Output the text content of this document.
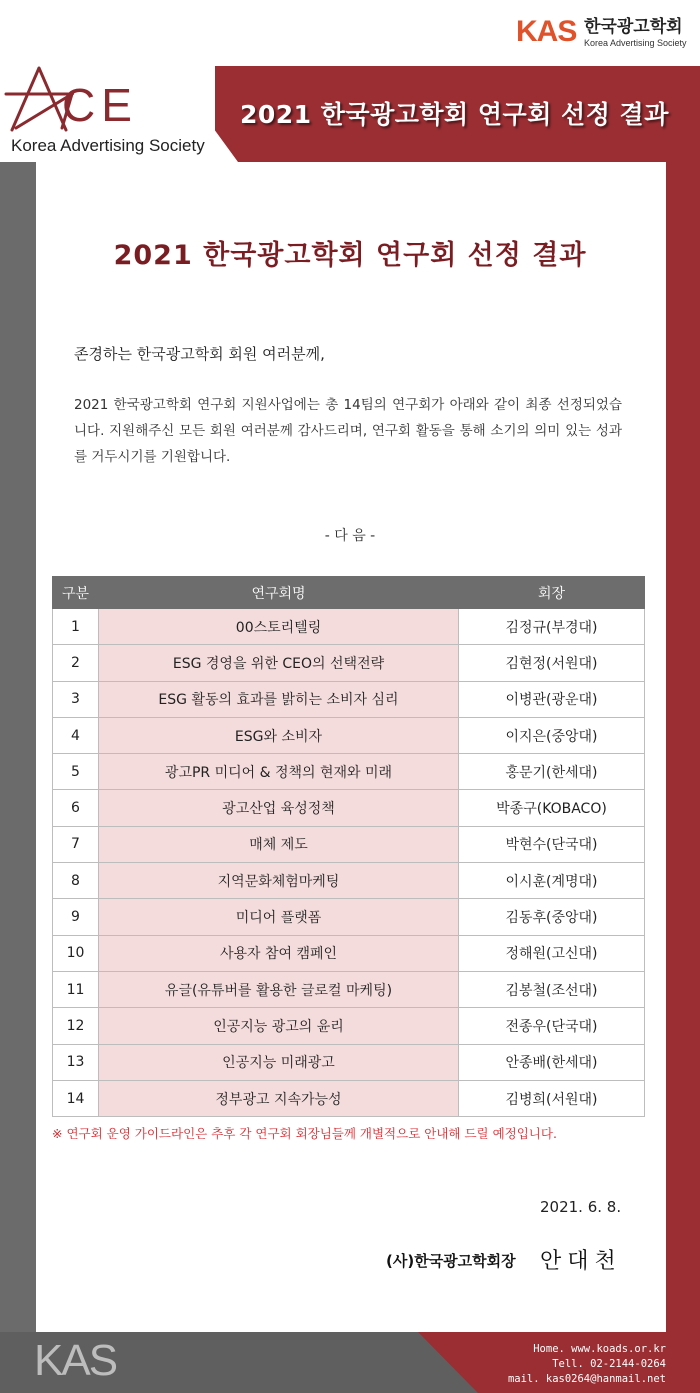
KAS 한국광고학회
Korea Advertising Society
2021 한국광고학회 연구회 선정 결과
CE
Korea Advertising Society
2021 한국광고학회 연구회 선정 결과
존경하는 한국광고학회 회원 여러분께,
2021 한국광고학회 연구회 지원사업에는 총 14팀의 연구회가 아래와 같이 최종 선정되었습니다. 지원해주신 모든 회원 여러분께 감사드리며, 연구회 활동을 통해 소기의 의미 있는 성과를 거두시기를 기원합니다.
- 다 음 -
구분	연구회명	회장
1	00스토리텔링	김정규(부경대)
2	ESG 경영을 위한 CEO의 선택전략	김현정(서원대)
3	ESG 활동의 효과를 밝히는 소비자 심리	이병관(광운대)
4	ESG와 소비자	이지은(중앙대)
5	광고PR 미디어 & 정책의 현재와 미래	홍문기(한세대)
6	광고산업 육성정책	박종구(KOBACO)
7	매체 제도	박현수(단국대)
8	지역문화체험마케팅	이시훈(계명대)
9	미디어 플랫폼	김동후(중앙대)
10	사용자 참여 캠페인	정해원(고신대)
11	유글(유튜버를 활용한 글로컬 마케팅)	김봉철(조선대)
12	인공지능 광고의 윤리	전종우(단국대)
13	인공지능 미래광고	안종배(한세대)
14	정부광고 지속가능성	김병희(서원대)
※ 연구회 운영 가이드라인은 추후 각 연구회 회장님들께 개별적으로 안내해 드릴 예정입니다.
2021. 6. 8.
(사)한국광고학회장 안대천
KAS	Home. www.koads.or.kr
Tell. 02-2144-0264
mail. kas0264@hanmail.net
